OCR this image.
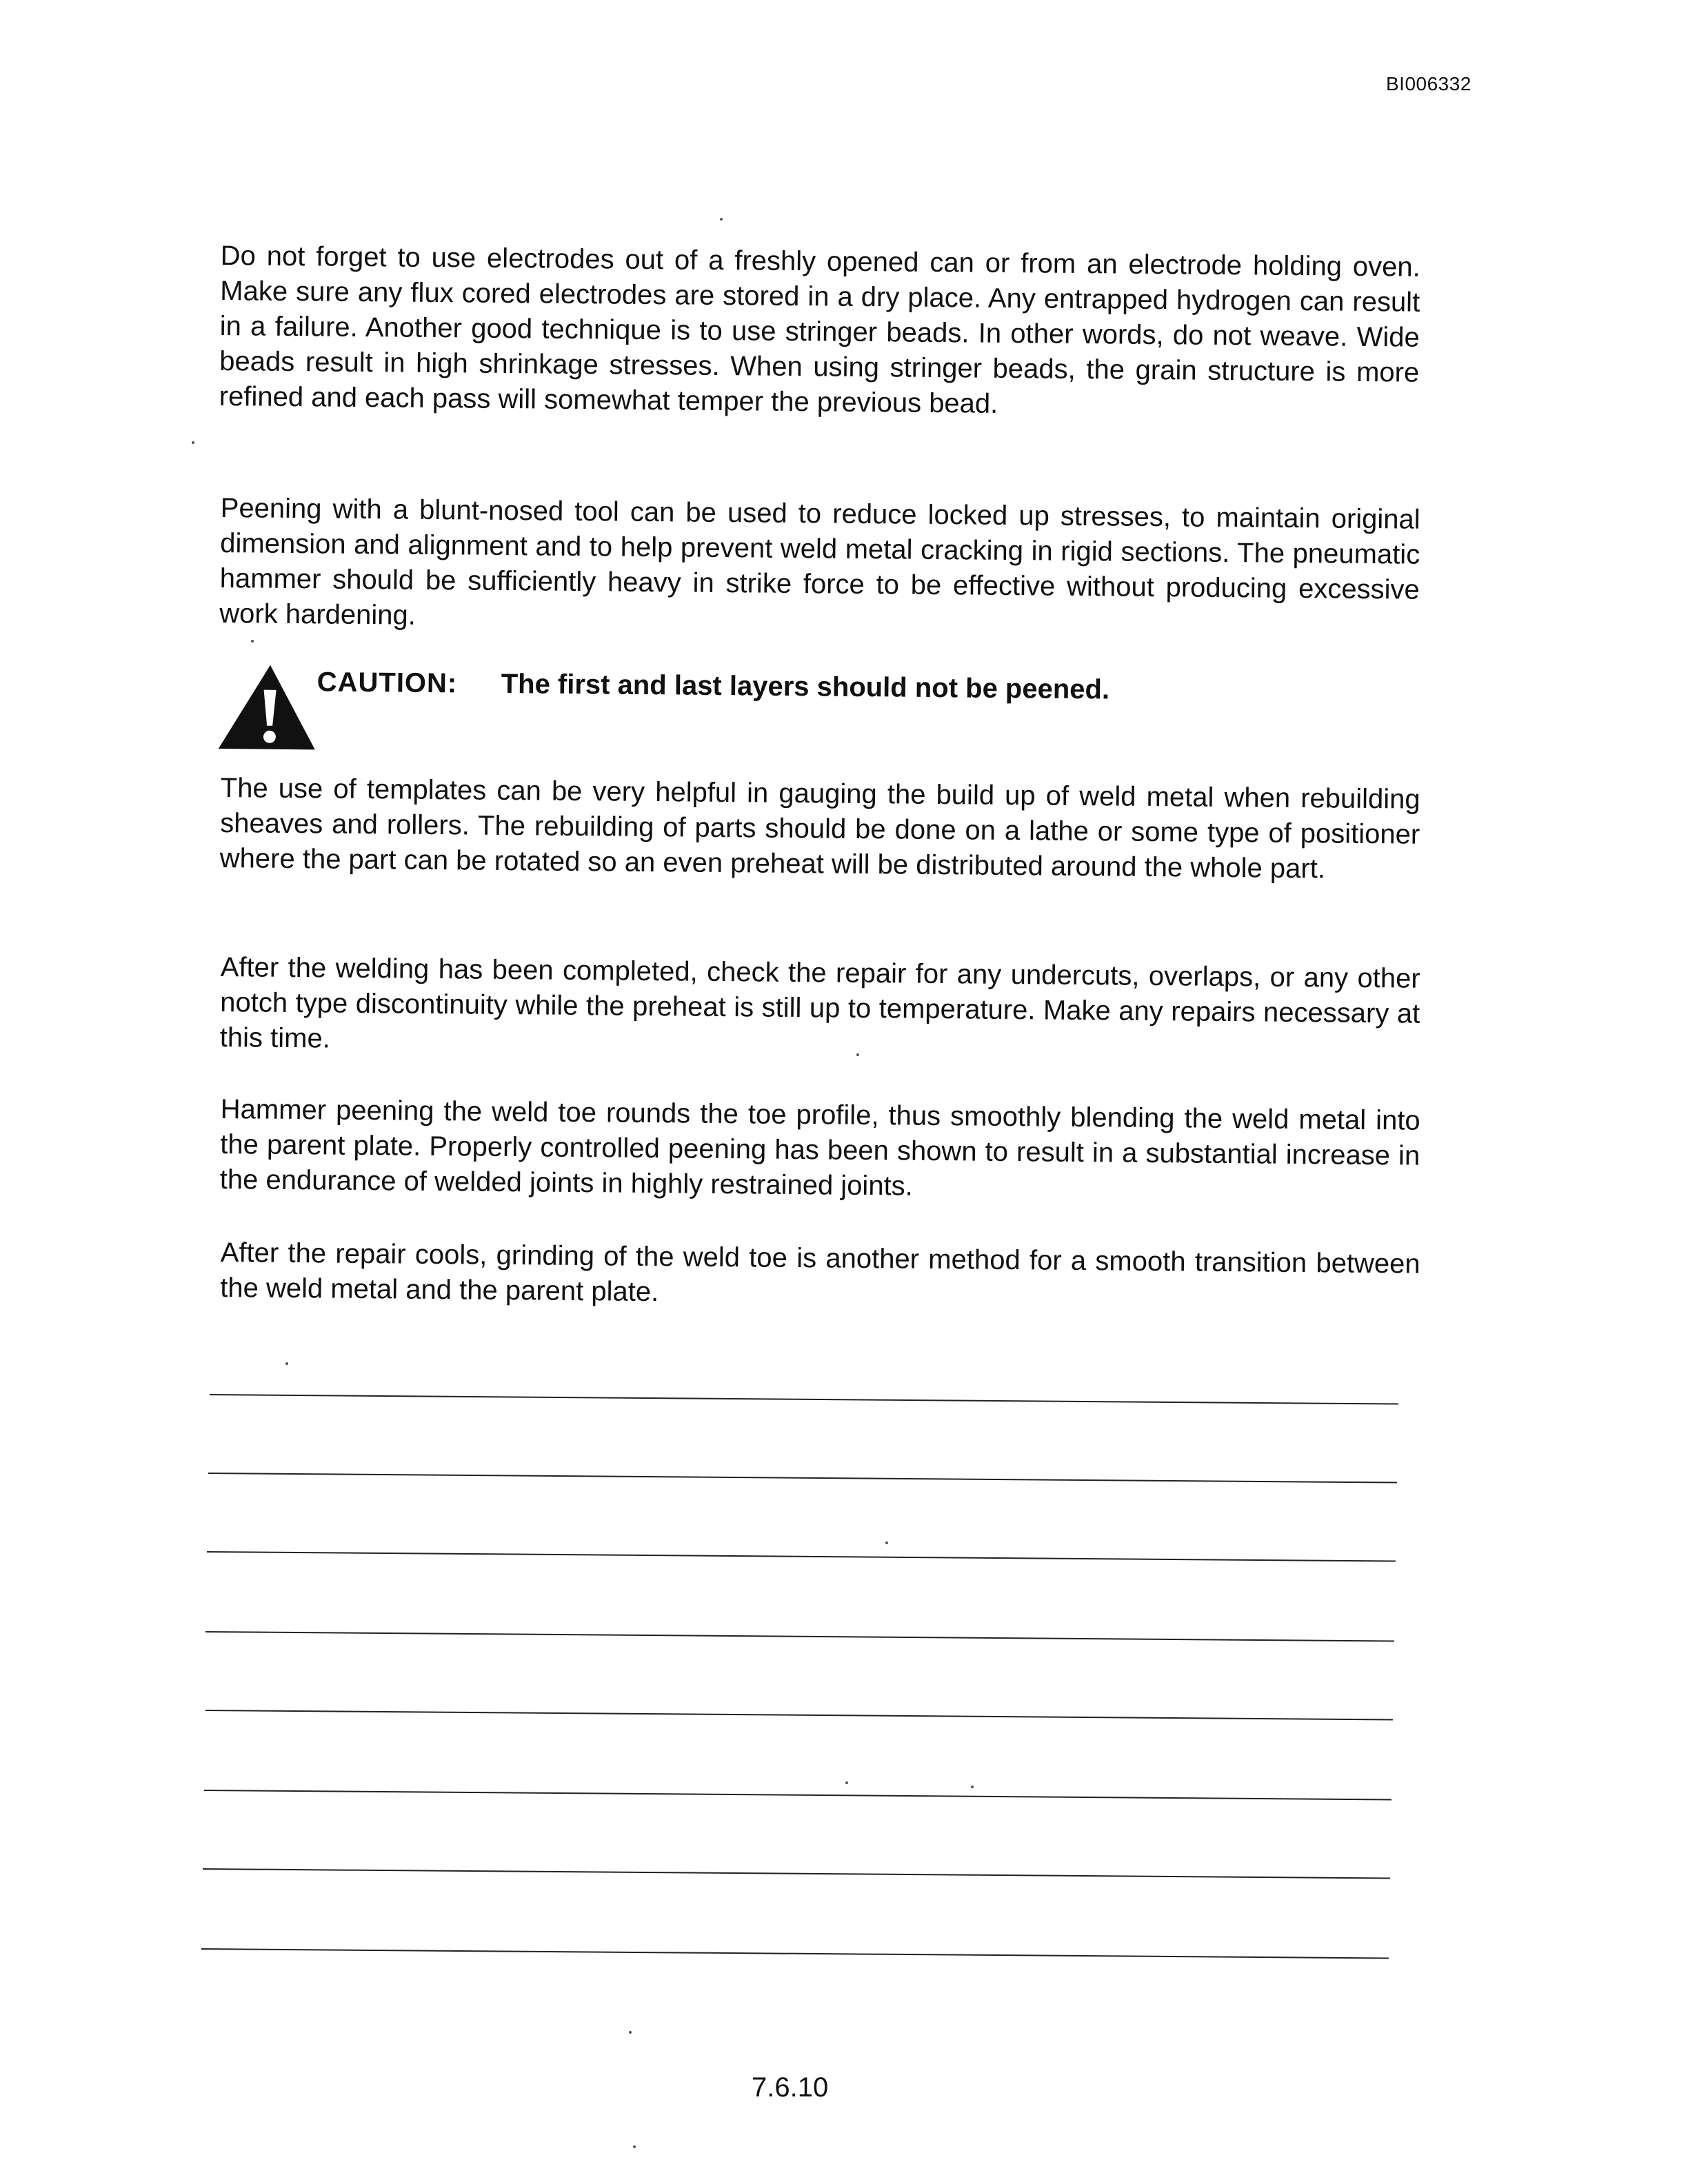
BI006332

Do not forget to use electrodes out of a freshly opened can or from an electrode holding oven. Make sure any flux cored electrodes are stored in a dry place. Any entrapped hydrogen can result in a failure. Another good technique is to use stringer beads. In other words, do not weave. Wide beads result in high shrinkage stresses. When using stringer beads, the grain structure is more refined and each pass will somewhat temper the previous bead.

Peening with a blunt-nosed tool can be used to reduce locked up stresses, to maintain original dimension and alignment and to help prevent weld metal cracking in rigid sections. The pneumatic hammer should be sufficiently heavy in strike force to be effective without producing excessive work hardening.

CAUTION: The first and last layers should not be peened.

The use of templates can be very helpful in gauging the build up of weld metal when rebuilding sheaves and rollers. The rebuilding of parts should be done on a lathe or some type of positioner where the part can be rotated so an even preheat will be distributed around the whole part.

After the welding has been completed, check the repair for any undercuts, overlaps, or any other notch type discontinuity while the preheat is still up to temperature. Make any repairs necessary at this time.

Hammer peening the weld toe rounds the toe profile, thus smoothly blending the weld metal into the parent plate. Properly controlled peening has been shown to result in a substantial increase in the endurance of welded joints in highly restrained joints.

After the repair cools, grinding of the weld toe is another method for a smooth transition between the weld metal and the parent plate.

7.6.10
